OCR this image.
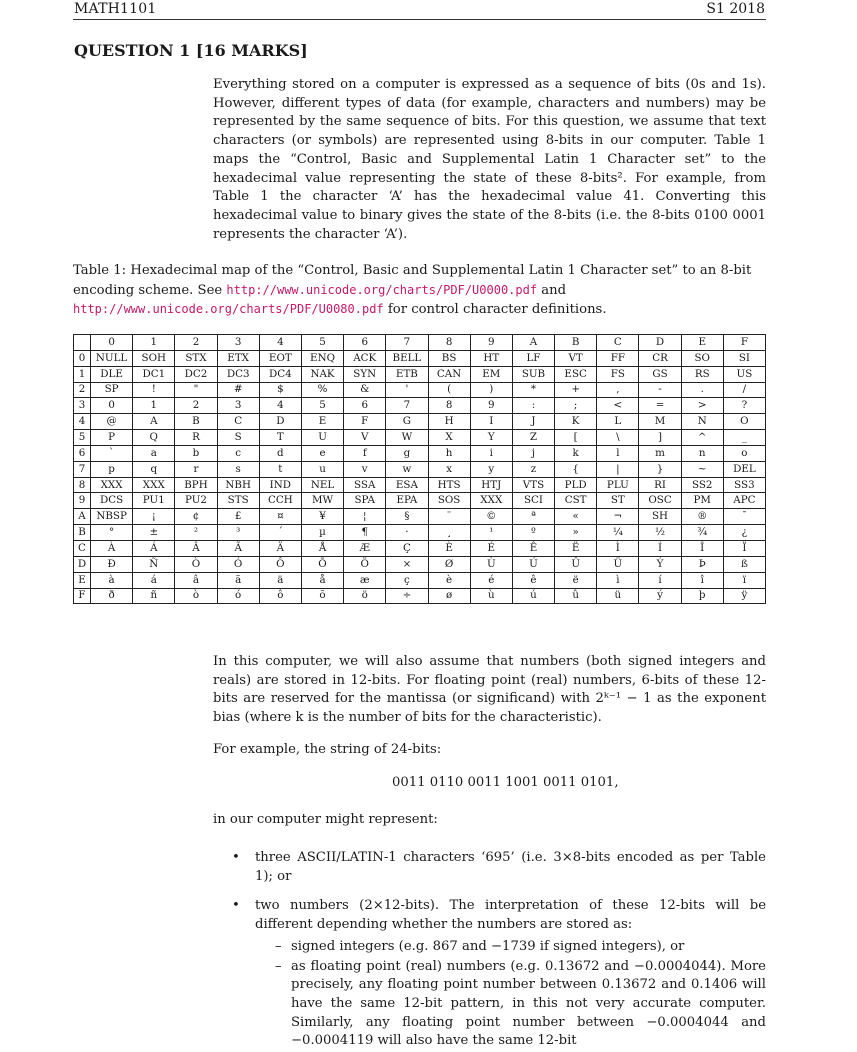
MATH1101	S1 2018
QUESTION 1 [16 MARKS]
Everything stored on a computer is expressed as a sequence of bits (0s and 1s). However, different types of data (for example, characters and numbers) may be represented by the same sequence of bits. For this question, we assume that text characters (or symbols) are represented using 8-bits in our computer. Table 1 maps the “Control, Basic and Supplemental Latin 1 Character set” to the hexadecimal value representing the state of these 8-bits². For example, from Table 1 the character ‘A’ has the hexadecimal value 41. Converting this hexadecimal value to binary gives the state of the 8-bits (i.e. the 8-bits 0100 0001 represents the character ‘A’).
Table 1: Hexadecimal map of the “Control, Basic and Supplemental Latin 1 Character set” to an 8-bit encoding scheme. See http://www.unicode.org/charts/PDF/U0000.pdf and http://www.unicode.org/charts/PDF/U0080.pdf for control character definitions.
	0	1	2	3	4	5	6	7	8	9	A	B	C	D	E	F
0	NULL	SOH	STX	ETX	EOT	ENQ	ACK	BELL	BS	HT	LF	VT	FF	CR	SO	SI
1	DLE	DC1	DC2	DC3	DC4	NAK	SYN	ETB	CAN	EM	SUB	ESC	FS	GS	RS	US
2	SP	!	"	#	$	%	&	'	(	)	*	+	,	-	.	/
3	0	1	2	3	4	5	6	7	8	9	:	;	<	=	>	?
4	@	A	B	C	D	E	F	G	H	I	J	K	L	M	N	O
5	P	Q	R	S	T	U	V	W	X	Y	Z	[	\	]	^	_
6	`	a	b	c	d	e	f	g	h	i	j	k	l	m	n	o
7	p	q	r	s	t	u	v	w	x	y	z	{	|	}	~	DEL
8	XXX	XXX	BPH	NBH	IND	NEL	SSA	ESA	HTS	HTJ	VTS	PLD	PLU	RI	SS2	SS3
9	DCS	PU1	PU2	STS	CCH	MW	SPA	EPA	SOS	XXX	SCI	CST	ST	OSC	PM	APC
A	NBSP	¡	¢	£	¤	¥	¦	§	¨	©	ª	«	¬	SH	®	¯
B	°	±	²	³	´	µ	¶	·	¸	¹	º	»	¼	½	¾	¿
C	À	Á	Â	Ã	Ä	Å	Æ	Ç	È	É	Ê	Ë	Ì	Í	Î	Ï
D	Ð	Ñ	Ò	Ó	Ô	Õ	Ö	×	Ø	Ù	Ú	Û	Ü	Ý	Þ	ß
E	à	á	â	ã	ä	å	æ	ç	è	é	ê	ë	ì	í	î	ï
F	ð	ñ	ò	ó	ô	õ	ö	÷	ø	ù	ú	û	ü	ý	þ	ÿ
In this computer, we will also assume that numbers (both signed integers and reals) are stored in 12-bits. For floating point (real) numbers, 6-bits of these 12-bits are reserved for the mantissa (or significand) with 2ᵏ⁻¹ − 1 as the exponent bias (where k is the number of bits for the characteristic).
For example, the string of 24-bits:
0011 0110 0011 1001 0011 0101,
in our computer might represent:
• three ASCII/LATIN-1 characters ‘695’ (i.e. 3×8-bits encoded as per Table 1); or
• two numbers (2×12-bits). The interpretation of these 12-bits will be different depending whether the numbers are stored as:
– signed integers (e.g. 867 and −1739 if signed integers), or
– as floating point (real) numbers (e.g. 0.13672 and −0.0004044). More precisely, any floating point number between 0.13672 and 0.1406 will have the same 12-bit pattern, in this not very accurate computer. Similarly, any floating point number between −0.0004044 and −0.0004119 will also have the same 12-bit
